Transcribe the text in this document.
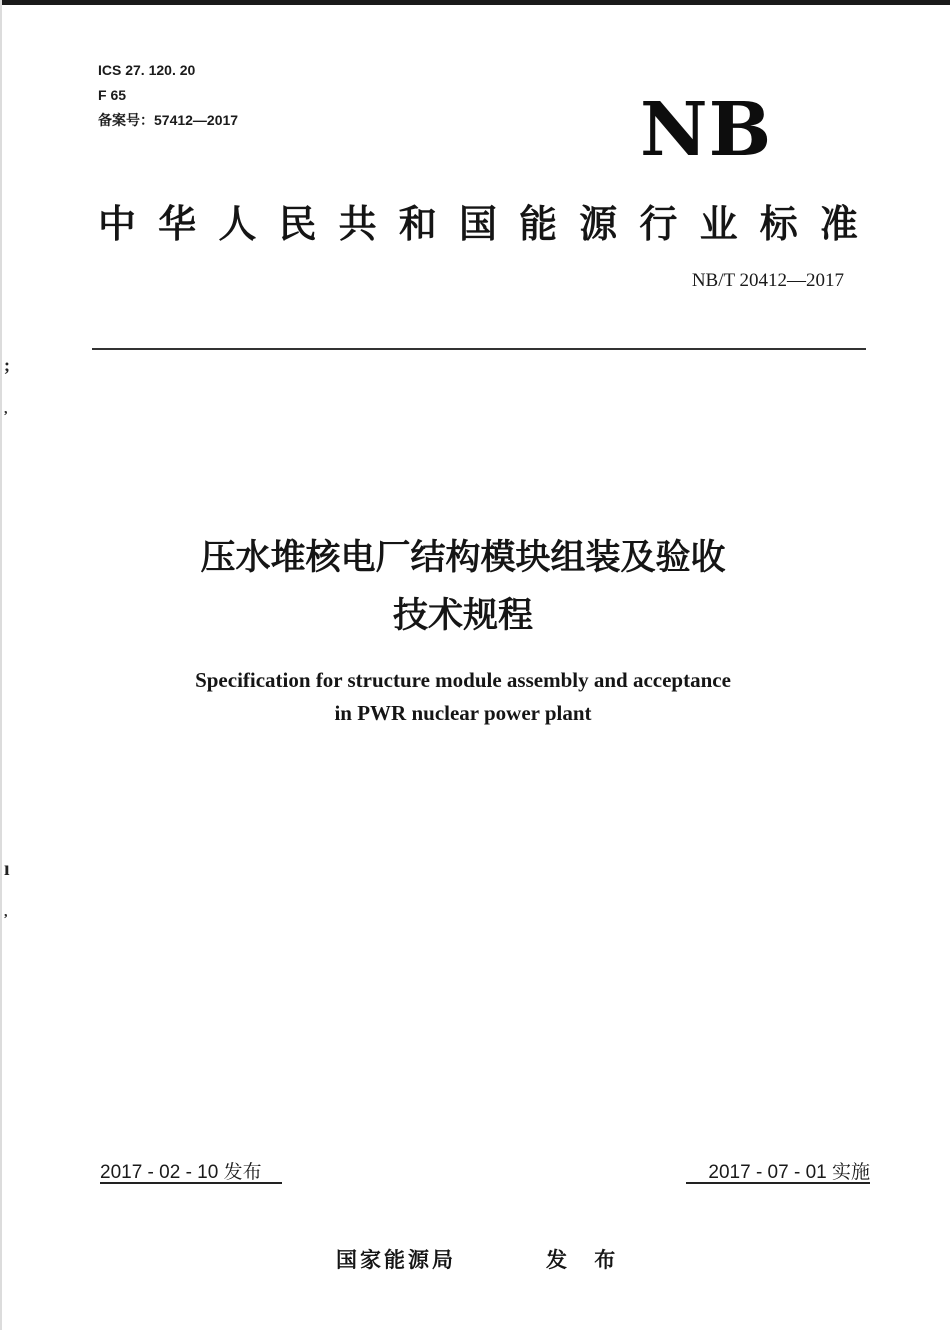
ICS 27. 120. 20
F 65
备案号：57412—2017	NB
中 华 人 民 共 和 国 能 源 行 业 标 准
NB/T 20412—2017
;
,
ı
,
压水堆核电厂结构模块组装及验收
技术规程
Specification for structure module assembly and acceptance
in PWR nuclear power plant
2017 - 02 - 10 发布	2017 - 07 - 01 实施
国家能源局	发 布
